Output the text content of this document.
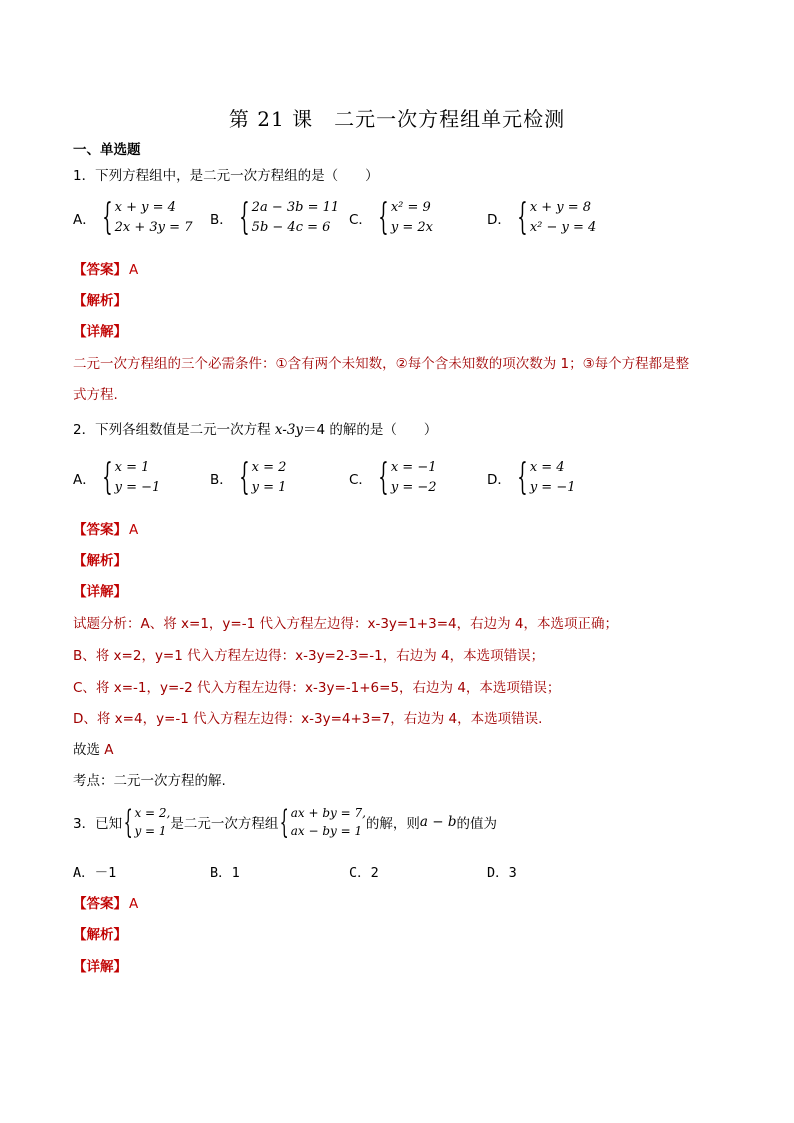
第 21 课　二元一次方程组单元检测
一、单选题
1．下列方程组中，是二元一次方程组的是（　　）
A． { x + y = 4
2x + 3y = 7 B． { 2a − 3b = 11
5b − 4c = 6	C． { x² = 9
y = 2x	D． { x + y = 8
x² − y = 4
【答案】 A
【解析】
【详解】
二元一次方程组的三个必需条件：①含有两个未知数，②每个含未知数的项次数为 1；③每个方程都是整
式方程.
2．下列各组数值是二元一次方程 x-3y＝4 的解的是（　　）
A． { x = 1
y = −1	B． { x = 2
y = 1	C． { x = −1
y = −2	D． { x = 4
y = −1
【答案】 A
【解析】
【详解】
试题分析：A、将 x=1，y=-1 代入方程左边得：x-3y=1+3=4，右边为 4，本选项正确；
B、将 x=2，y=1 代入方程左边得：x-3y=2-3=-1，右边为 4，本选项错误；
C、将 x=-1，y=-2 代入方程左边得：x-3y=-1+6=5，右边为 4，本选项错误；
D、将 x=4，y=-1 代入方程左边得：x-3y=4+3=7，右边为 4，本选项错误.
故选 A
考点：二元一次方程的解.
3．已知 { x = 2,
y = 1 是二元一次方程组 { ax + by = 7,
ax − by = 1 的解，则 a − b 的值为
A．－1	B．1	C．2	D．3
【答案】 A
【解析】
【详解】
